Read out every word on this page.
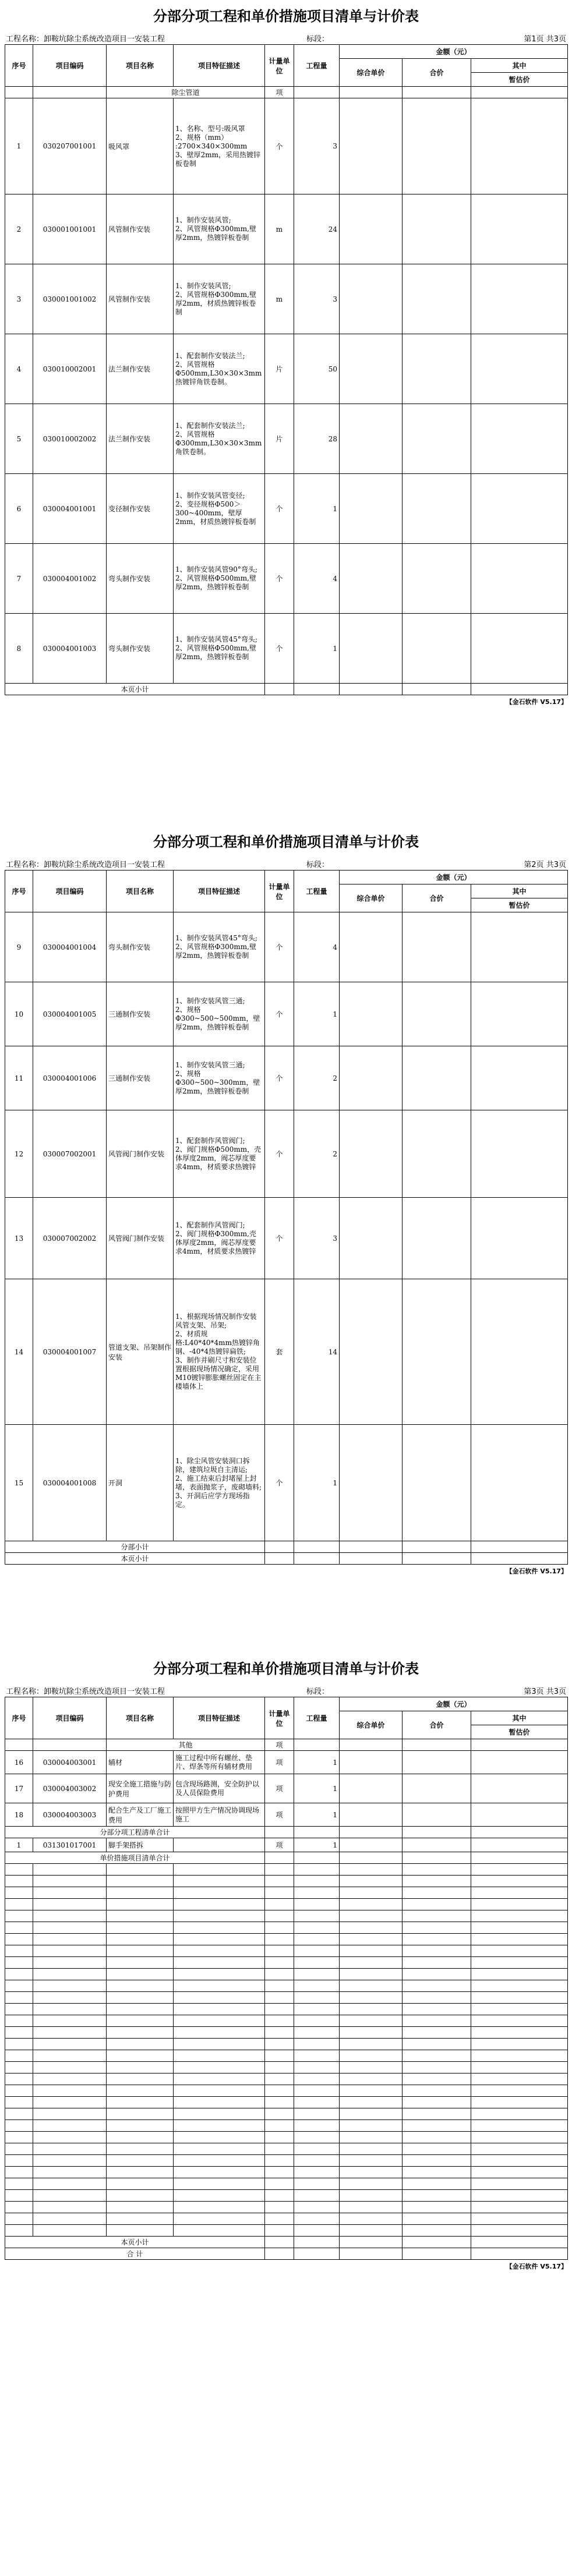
分部分项工程和单价措施项目清单与计价表
工程名称：卸鞍坑除尘系统改造项目一安装工程	标段：	第1页 共3页
序号	项目编码	项目名称	项目特征描述	计量单位	工程量	金额（元）		
						综合单价	合价	其中
								暂估价
		除尘管道		项				
1	030207001001	吸风罩	1、名称、型号:吸风罩
2、规格（mm）
:2700×340×300mm
3、壁厚2mm，采用热镀锌板卷制	个	3			
2	030001001001	风管制作安装	1、制作安装风管;
2、风管规格Φ300mm,壁厚2mm，热镀锌板卷制	m	24			
3	030001001002	风管制作安装	1、制作安装风管;
2、风管规格Φ300mm,壁厚2mm，材质热镀锌板卷制	m	3			
4	030010002001	法兰制作安装	1、配套制作安装法兰;
2、风管规格Φ500mm,L30×30×3mm热镀锌角铁卷制。	片	50			
5	030010002002	法兰制作安装	1、配套制作安装法兰;
2、风管规格Φ300mm,L30×30×3mm角铁卷制。	片	28			
6	030004001001	变径制作安装	1、制作安装风管变径;
2、变径规格Φ500＞300~400mm，壁厚2mm，材质热镀锌板卷制	个	1			
7	030004001002	弯头制作安装	1、制作安装风管90°弯头;
2、风管规格Φ500mm,壁厚2mm，热镀锌板卷制	个	4			
8	030004001003	弯头制作安装	1、制作安装风管45°弯头;
2、风管规格Φ500mm,壁厚2mm，热镀锌板卷制	个	1			
本页小计								
【金石软件 V5.17】
分部分项工程和单价措施项目清单与计价表
工程名称：卸鞍坑除尘系统改造项目一安装工程	标段：	第2页 共3页
序号	项目编码	项目名称	项目特征描述	计量单位	工程量	金额（元）		
						综合单价	合价	其中
								暂估价
9	030004001004	弯头制作安装	1、制作安装风管45°弯头;
2、风管规格Φ300mm,壁厚2mm，热镀锌板卷制	个	4			
10	030004001005	三通制作安装	1、制作安装风管三通;
2、规格Φ300~500~500mm，壁厚2mm，热镀锌板卷制	个	1			
11	030004001006	三通制作安装	1、制作安装风管三通;
2、规格Φ300~500~300mm，壁厚2mm，热镀锌板卷制	个	2			
12	030007002001	风管阀门制作安装	1、配套制作风管阀门;
2、阀门规格Φ500mm，壳体厚度2mm，阀芯厚度要求4mm，材质要求热镀锌	个	2			
13	030007002002	风管阀门制作安装	1、配套制作风管阀门;
2、阀门规格Φ300mm,壳体厚度2mm，阀芯厚度要求4mm，材质要求热镀锌	个	3			
14	030004001007	管道支架、吊架制作安装	1、根据现场情况制作安装风管支架、吊架;
2、材质规格:L40*40*4mm热镀锌角钢、-40*4热镀锌扁铁;
3、制作并刷尺寸和安装位置根据现场情况确定，采用M10镀锌膨胀螺丝固定在主楼墙体上	套	14			
15	030004001008	开洞	1、除尘风管安装洞口拆除，建筑垃圾自主清运;
2、施工结束后封堵屋上封堵，表面抛浆子，废砌墙料;
3、开洞后应学方现场指定。	个	1			
分部小计								
本页小计								
【金石软件 V5.17】
分部分项工程和单价措施项目清单与计价表
工程名称：卸鞍坑除尘系统改造项目一安装工程	标段：	第3页 共3页
序号	项目编码	项目名称	项目特征描述	计量单位	工程量	金额（元）		
						综合单价	合价	其中
								暂估价
		其他		项				
16	030004003001	辅材	施工过程中所有螺丝、垫片、焊条等所有辅材费用	项	1			
17	030004003002	现安全施工措施与防护费用	包含现场路测，安全防护以及人员保险费用	项	1			
18	030004003003	配合生产及工厂施工费用	按照甲方生产情况协调现场施工	项	1			
分部分项工程清单合计								
1	031301017001	脚手架搭拆		项	1			
单价措施项目清单合计								

本页小计								
合 计								
【金石软件 V5.17】
